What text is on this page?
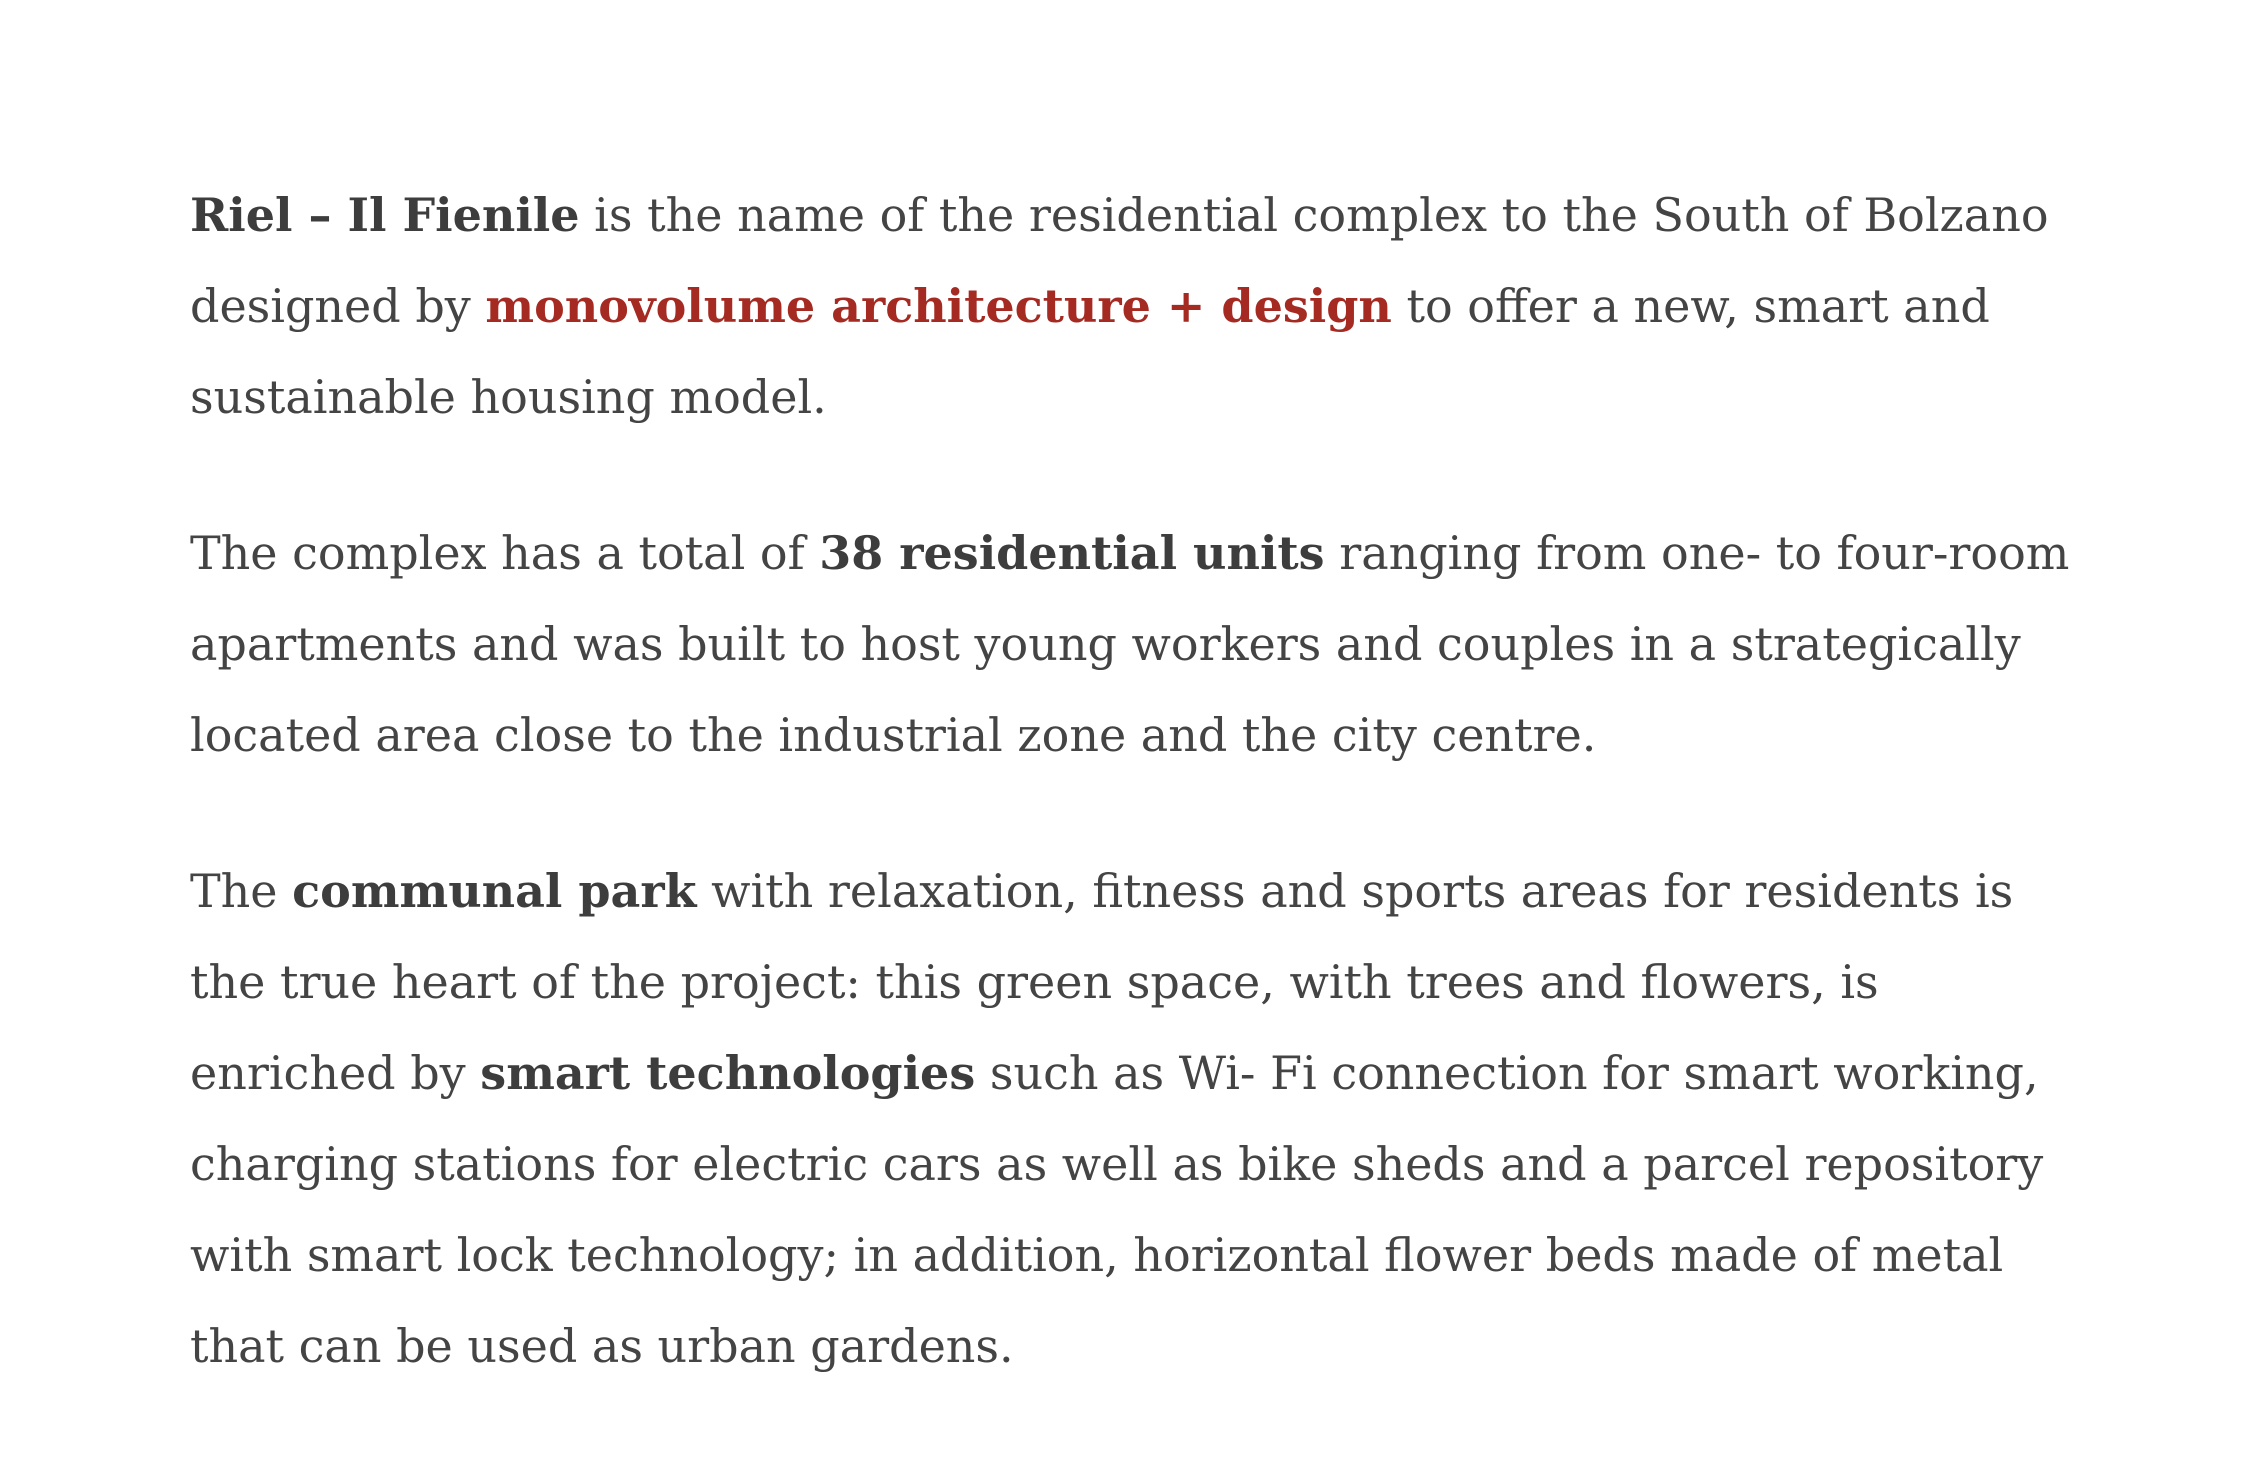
Riel – Il Fienile is the name of the residential complex to the South of Bolzano designed by monovolume architecture + design to offer a new, smart and sustainable housing model.

The complex has a total of 38 residential units ranging from one- to four-room apartments and was built to host young workers and couples in a strategically located area close to the industrial zone and the city centre.

The communal park with relaxation, fitness and sports areas for residents is the true heart of the project: this green space, with trees and flowers, is enriched by smart technologies such as Wi- Fi connection for smart working, charging stations for electric cars as well as bike sheds and a parcel repository with smart lock technology; in addition, horizontal flower beds made of metal that can be used as urban gardens.
